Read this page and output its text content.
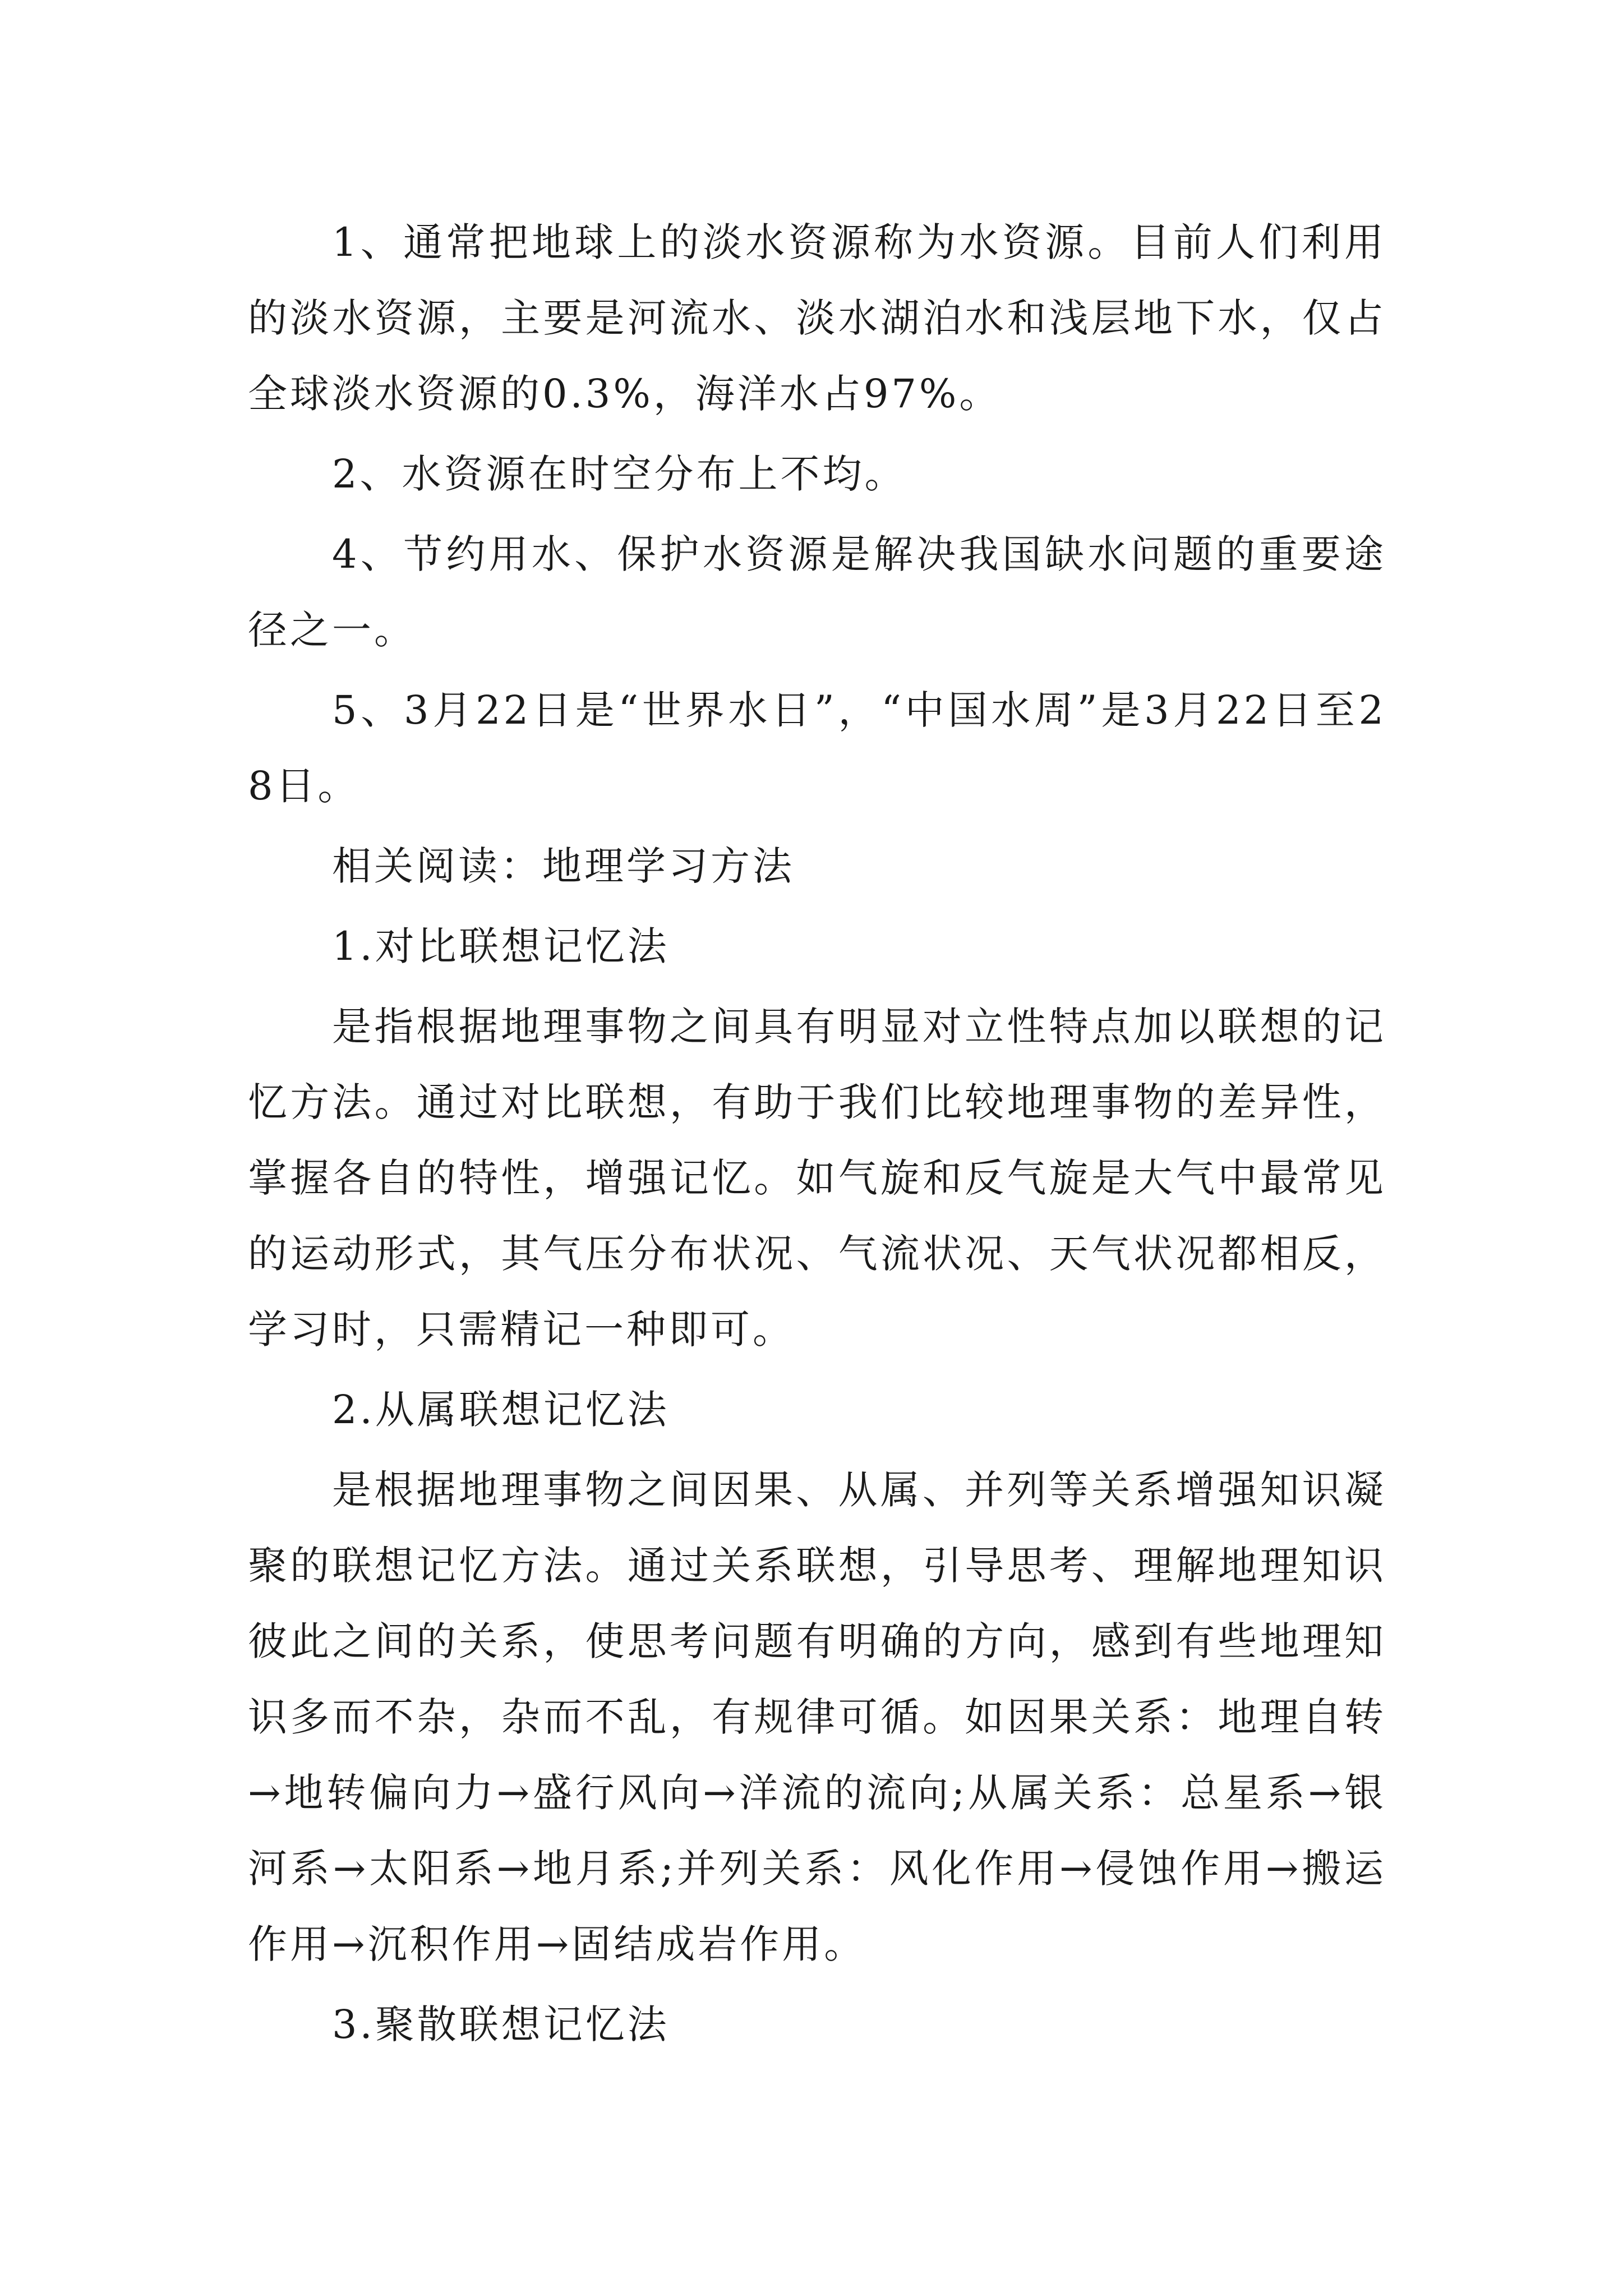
1、通常把地球上的淡水资源称为水资源。目前人们利用的淡水资源，主要是河流水、淡水湖泊水和浅层地下水，仅占全球淡水资源的0.3%，海洋水占97%。

2、水资源在时空分布上不均。

4、节约用水、保护水资源是解决我国缺水问题的重要途径之一。

5、3月22日是“世界水日”，“中国水周”是3月22日至28日。

相关阅读：地理学习方法

1.对比联想记忆法

是指根据地理事物之间具有明显对立性特点加以联想的记忆方法。通过对比联想，有助于我们比较地理事物的差异性，掌握各自的特性，增强记忆。如气旋和反气旋是大气中最常见的运动形式，其气压分布状况、气流状况、天气状况都相反，学习时，只需精记一种即可。

2.从属联想记忆法

是根据地理事物之间因果、从属、并列等关系增强知识凝聚的联想记忆方法。通过关系联想，引导思考、理解地理知识彼此之间的关系，使思考问题有明确的方向，感到有些地理知识多而不杂，杂而不乱，有规律可循。如因果关系：地理自转→地转偏向力→盛行风向→洋流的流向;从属关系：总星系→银河系→太阳系→地月系;并列关系：风化作用→侵蚀作用→搬运作用→沉积作用→固结成岩作用。

3.聚散联想记忆法
